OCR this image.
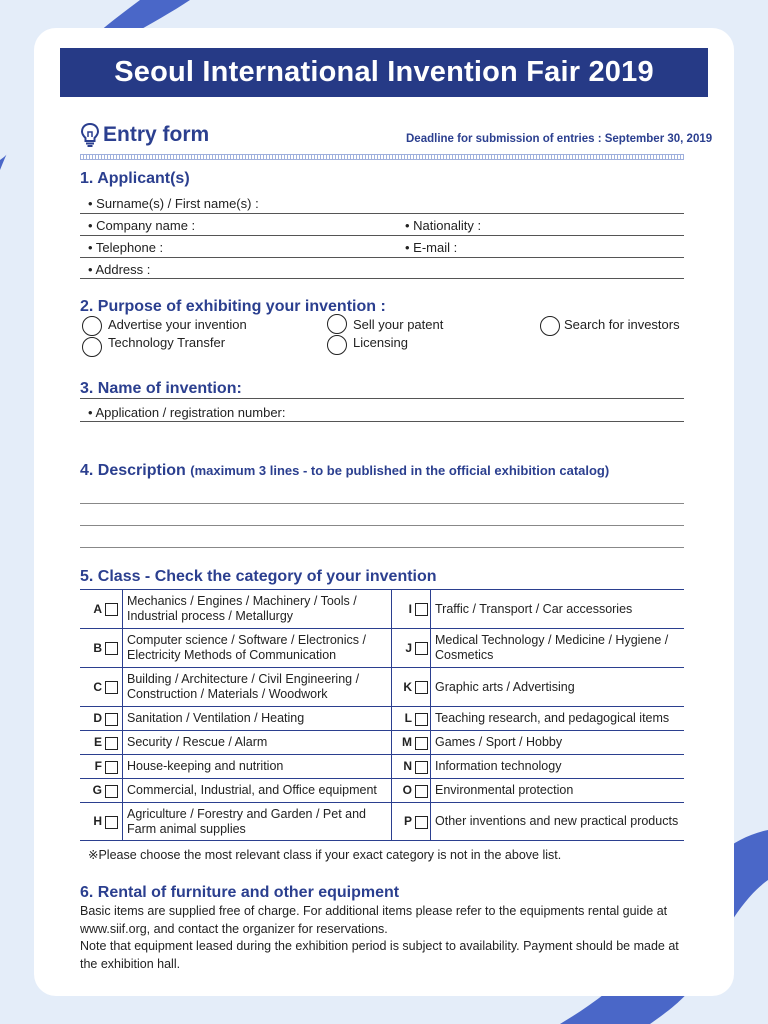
Seoul International Invention Fair 2019
Entry form	Deadline for submission of entries : September 30, 2019
1. Applicant(s)
• Surname(s) / First name(s) :
• Company name :	• Nationality :
• Telephone :	• E-mail :
• Address :
2. Purpose of exhibiting your invention :
Advertise your invention	Sell your patent	Search for investors
Technology Transfer	Licensing
3. Name of invention:
• Application / registration number:
4. Description (maximum 3 lines - to be published in the official exhibition catalog)
5. Class - Check the category of your invention
A	Mechanics / Engines / Machinery / Tools / Industrial process / Metallurgy	I	Traffic / Transport / Car accessories
B	Computer science / Software / Electronics / Electricity Methods of Communication	J	Medical Technology / Medicine / Hygiene / Cosmetics
C	Building / Architecture / Civil Engineering / Construction / Materials / Woodwork	K	Graphic arts / Advertising
D	Sanitation / Ventilation / Heating	L	Teaching research, and pedagogical items
E	Security / Rescue / Alarm	M	Games / Sport / Hobby
F	House-keeping and nutrition	N	Information technology
G	Commercial, Industrial, and Office equipment	O	Environmental protection
H	Agriculture / Forestry and Garden / Pet and Farm animal supplies	P	Other inventions and new practical products
※Please choose the most relevant class if your exact category is not in the above list.
6. Rental of furniture and other equipment
Basic items are supplied free of charge. For additional items please refer to the equipments rental guide at www.siif.org, and contact the organizer for reservations.
Note that equipment leased during the exhibition period is subject to availability. Payment should be made at the exhibition hall.
